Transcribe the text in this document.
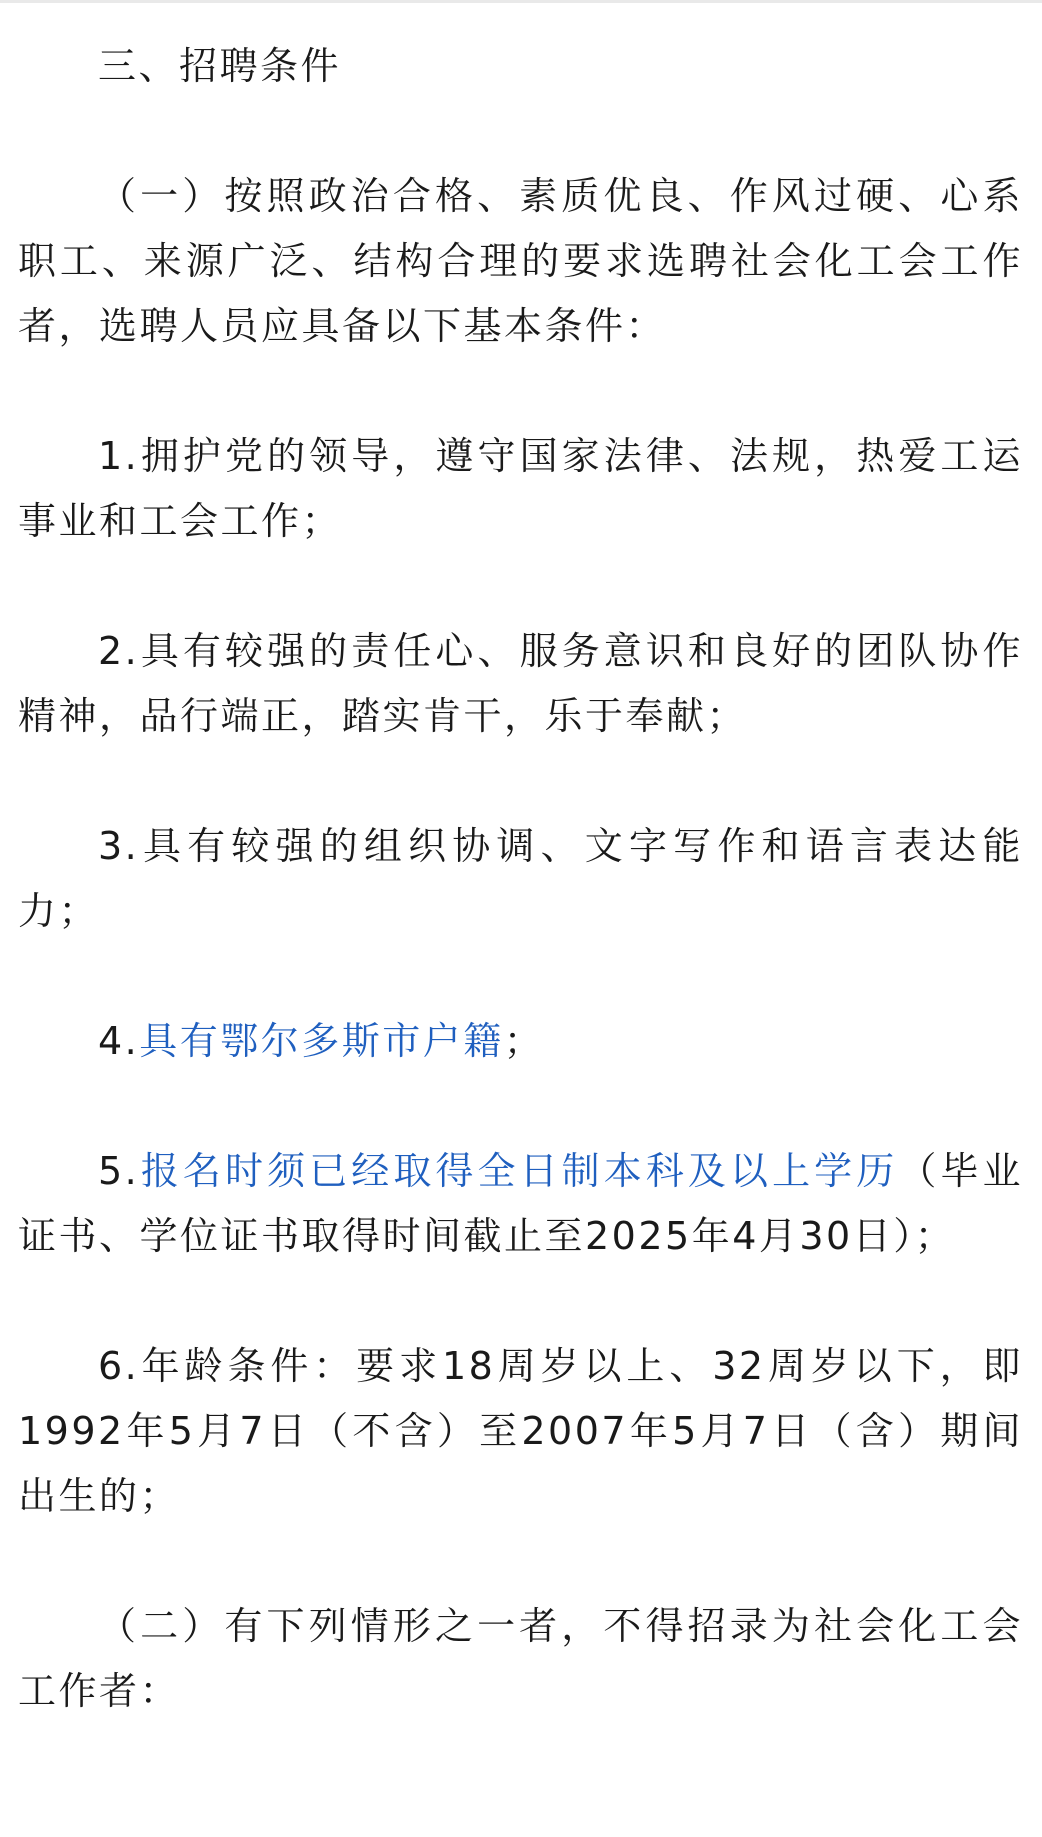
三、招聘条件

（一）按照政治合格、素质优良、作风过硬、心系职工、来源广泛、结构合理的要求选聘社会化工会工作者，选聘人员应具备以下基本条件：

1.拥护党的领导，遵守国家法律、法规，热爱工运事业和工会工作；

2.具有较强的责任心、服务意识和良好的团队协作精神，品行端正，踏实肯干，乐于奉献；

3.具有较强的组织协调、文字写作和语言表达能力；

4.具有鄂尔多斯市户籍；

5.报名时须已经取得全日制本科及以上学历（毕业证书、学位证书取得时间截止至2025年4月30日）；

6.年龄条件：要求18周岁以上、32周岁以下，即1992年5月7日（不含）至2007年5月7日（含）期间出生的；

（二）有下列情形之一者，不得招录为社会化工会工作者：
